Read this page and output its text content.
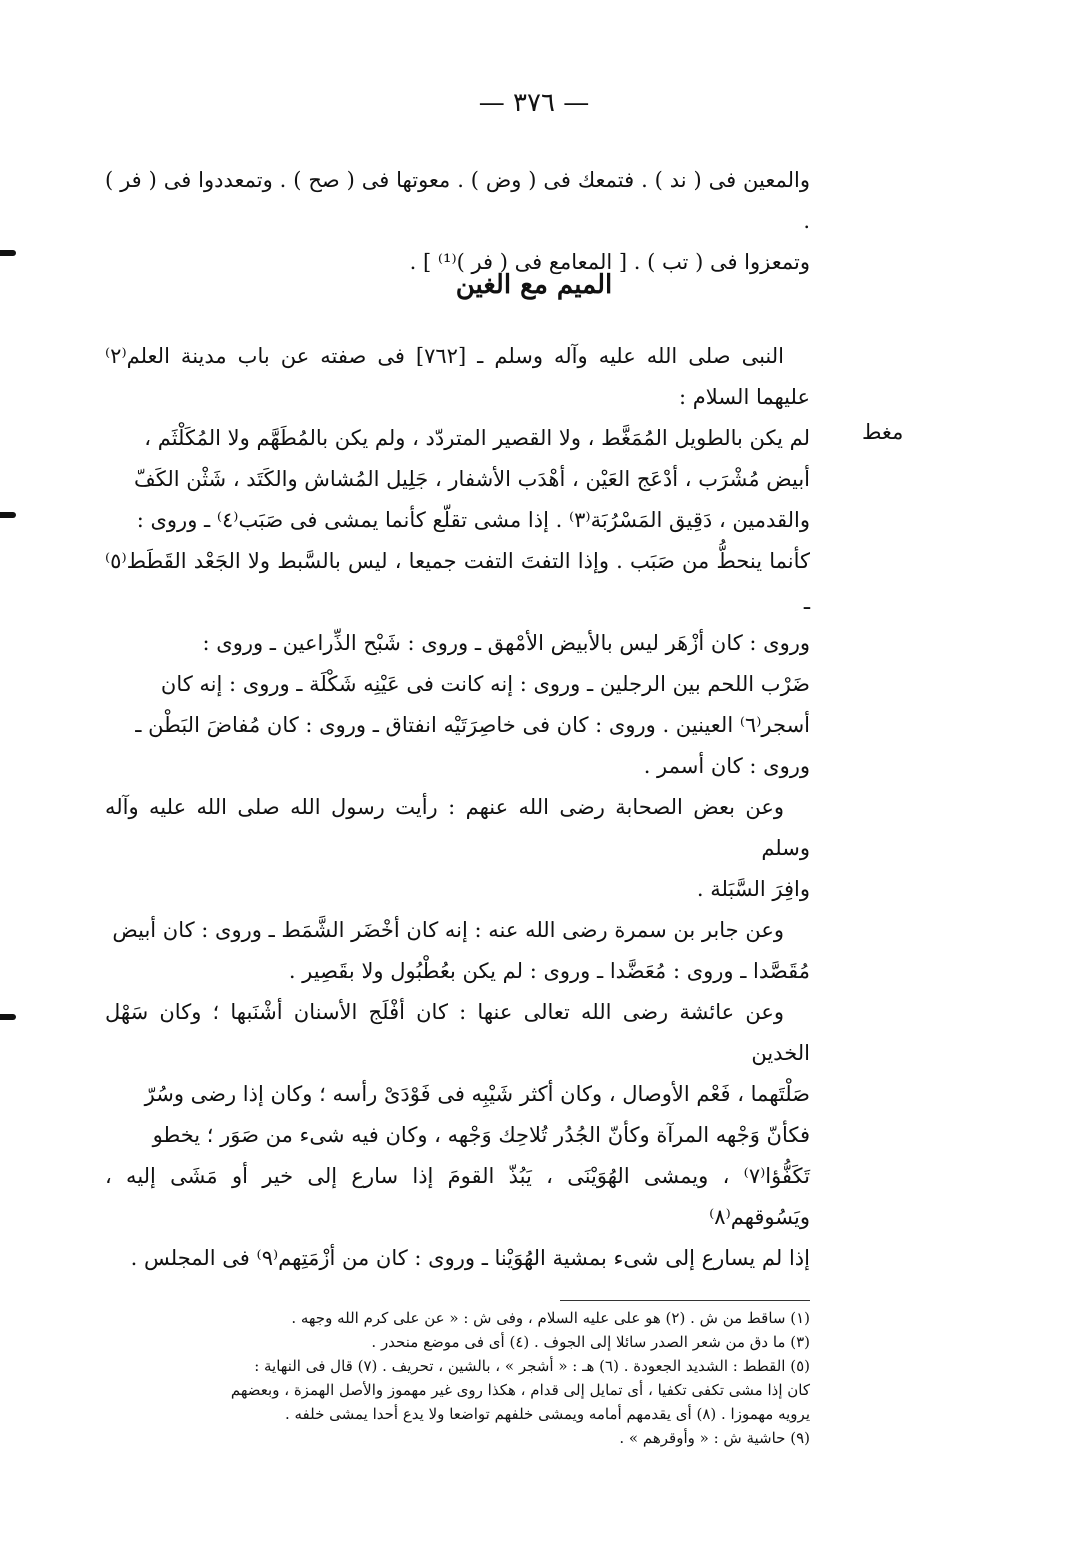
— ٣٧٦ —

والمعين فى ( ند ) . فتمعك فى ( وض ) . معوتها فى ( صح ) . وتمعددوا فى ( فر ) .

وتمعزوا فى ( تب ) . [ المعامع فى ( فر )⁽¹⁾ ] .

الميم مع الغين
مغط

النبى صلى الله عليه وآله وسلم ـ [٧٦٢] فى صفته عن باب مدينة العلم⁽٢⁾ عليهما السلام :

لم يكن بالطويل المُمَغَّط ، ولا القصير المتردّد ، ولم يكن بالمُطَهَّم ولا المُكَلْثَم ،

أبيض مُشْرَب ، أدْعَج العَيْن ، أهْدَب الأشفار ، جَلِيل المُشاش والكَتَد ، شَثْن الكَفّ

والقدمين ، دَقِيق المَسْرُبَة⁽٣⁾ . إذا مشى تقلّع كأنما يمشى فى صَبَب⁽٤⁾ ـ وروى :

كأنما ينحطُّ من صَبَب . وإذا التفتَ التفت جميعا ، ليس بالسَّبط ولا الجَعْد القَطَط⁽٥⁾ ـ

وروى : كان أزْهَر ليس بالأبيض الأمْهق ـ وروى : شَبْح الذِّراعين ـ وروى :

ضَرْب اللحم بين الرجلين ـ وروى : إنه كانت فى عَيْنِه شَكْلَة ـ وروى : إنه كان

أسجر⁽٦⁾ العينين . وروى : كان فى خاصِرَتَيْه انفتاق ـ وروى : كان مُفاضَ البَطْن ـ

وروى : كان أسمر .

وعن بعض الصحابة رضى الله عنهم : رأيت رسول الله صلى الله عليه وآله وسلم

وافِرَ السَّبَلة .

وعن جابر بن سمرة رضى الله عنه : إنه كان أخْضَر الشَّمَط ـ وروى : كان أبيض

مُقَصَّدا ـ وروى : مُعَضَّدا ـ وروى : لم يكن بعُطْبُول ولا بقَصِير .

وعن عائشة رضى الله تعالى عنها : كان أفْلَج الأسنان أشْنَبها ؛ وكان سَهْل الخدين

صَلْتَهما ، فَعْم الأوصال ، وكان أكثر شَيْبِه فى فَوْدَىْ رأسه ؛ وكان إذا رضى وسُرّ

فكأنّ وَجْهه المرآة وكأنّ الجُدُر تُلاحِك وَجْهه ، وكان فيه شىء من صَوَر ؛ يخطو

تَكَفُّؤا⁽٧⁾ ، ويمشى الهُوَيْنَى ، يَبُذّ القومَ إذا سارع إلى خير أو مَشَى إليه ، ويَسُوقهم⁽٨⁾

إذا لم يسارع إلى شىء بمشية الهُوَيْنا ـ وروى : كان من أزْمَتِهم⁽٩⁾ فى المجلس .

(١) ساقط من ش . (٢) هو على عليه السلام ، وفى ش : « عن على كرم الله وجهه .

(٣) ما دق من شعر الصدر سائلا إلى الجوف . (٤) أى فى موضع منحدر .

(٥) القطط : الشديد الجعودة . (٦) هـ : « أشجر » ، بالشين ، تحريف . (٧) قال فى النهاية :

كان إذا مشى تكفى تكفيا ، أى تمايل إلى قدام ، هكذا روى غير مهموز والأصل الهمزة ، وبعضهم

يرويه مهموزا . (٨) أى يقدمهم أمامه ويمشى خلفهم تواضعا ولا يدع أحدا يمشى خلفه .

(٩) حاشية ش : « وأوقرهم » .
